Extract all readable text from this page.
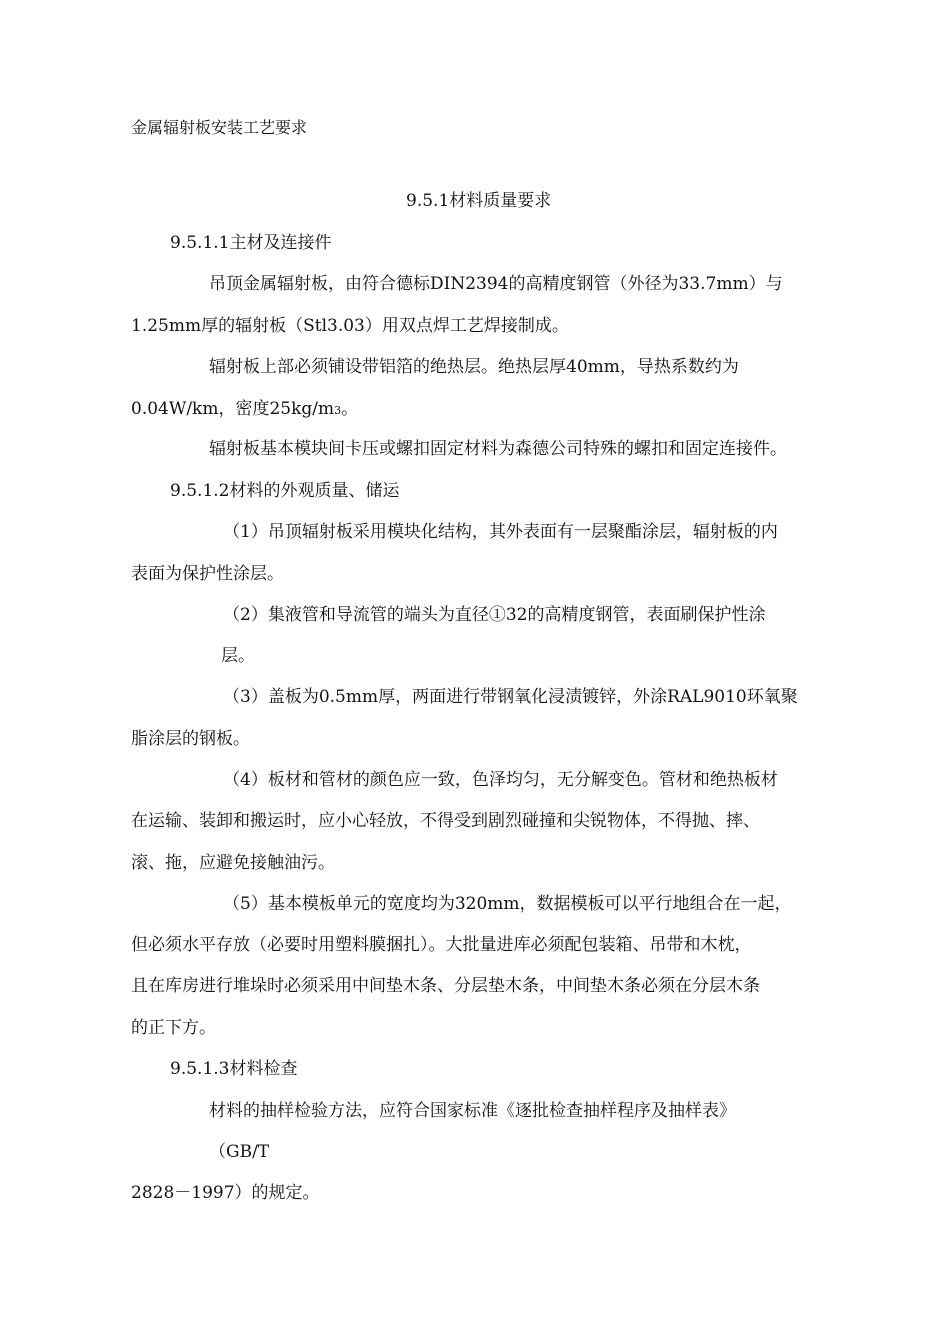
金属辐射板安装工艺要求
9.5.1材料质量要求
9.5.1.1主材及连接件
吊顶金属辐射板，由符合德标DIN2394的高精度钢管（外径为33.7mm）与
1.25mm厚的辐射板（Stl3.03）用双点焊工艺焊接制成。
辐射板上部必须铺设带铝箔的绝热层。绝热层厚40mm，导热系数约为
0.04W/km，密度25kg/m3。
辐射板基本模块间卡压或螺扣固定材料为森德公司特殊的螺扣和固定连接件。
9.5.1.2材料的外观质量、储运
（1）吊顶辐射板采用模块化结构，其外表面有一层聚酯涂层，辐射板的内
表面为保护性涂层。
（2）集液管和导流管的端头为直径①32的高精度钢管，表面刷保护性涂
层。
（3）盖板为0.5mm厚，两面进行带钢氧化浸渍镀锌，外涂RAL9010环氧聚
脂涂层的钢板。
（4）板材和管材的颜色应一致，色泽均匀，无分解变色。管材和绝热板材
在运输、装卸和搬运时，应小心轻放，不得受到剧烈碰撞和尖锐物体，不得抛、摔、
滚、拖，应避免接触油污。
（5）基本模板单元的宽度均为320mm，数据模板可以平行地组合在一起，
但必须水平存放（必要时用塑料膜捆扎）。大批量进库必须配包装箱、吊带和木枕，
且在库房进行堆垛时必须采用中间垫木条、分层垫木条，中间垫木条必须在分层木条
的正下方。
9.5.1.3材料检查
材料的抽样检验方法，应符合国家标准《逐批检查抽样程序及抽样表》
（GB/T
2828－1997）的规定。
